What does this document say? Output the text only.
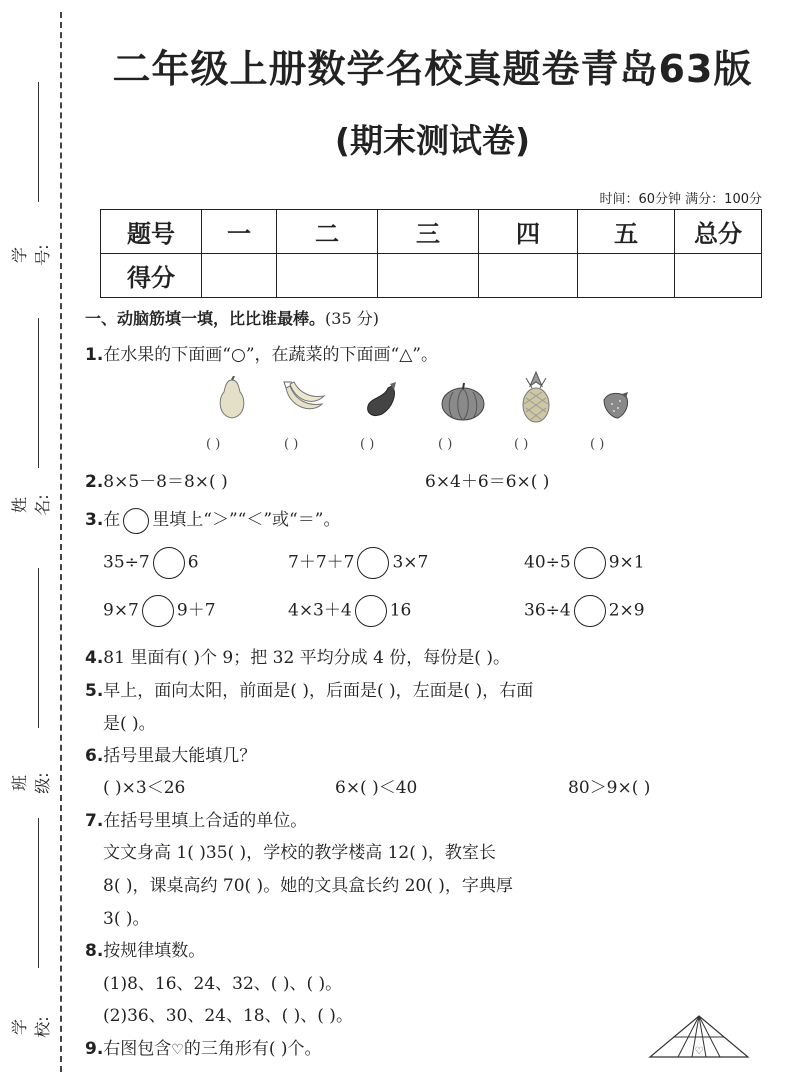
学号:
姓名:
班级:
学校:
二年级上册数学名校真题卷青岛63版
(期末测试卷)
时间：60分钟 满分：100分
题号	一	二	三	四	五	总分
得分						
一、动脑筋填一填，比比谁最棒。(35 分)
1.在水果的下面画“○”，在蔬菜的下面画“△”。
( )	( )	( )	( )	( )	( )
2.8×5－8＝8×( )	6×4＋6＝6×( )
3.在 里填上“＞”“＜”或“＝”。
35÷7 6	7＋7＋7 3×7	40÷5 9×1
9×7 9＋7	4×3＋4 16	36÷4 2×9
4.81 里面有( )个 9；把 32 平均分成 4 份，每份是( )。
5.早上，面向太阳，前面是( )，后面是( )，左面是( )，右面
是( )。
6.括号里最大能填几？
( )×3＜26	6×( )＜40	80＞9×( )
7.在括号里填上合适的单位。
文文身高 1( )35( )，学校的教学楼高 12( )，教室长
8( )，课桌高约 70( )。她的文具盒长约 20( )，字典厚
3( )。
8.按规律填数。
(1)8、16、24、32、( )、( )。
(2)36、30、24、18、( )、( )。
9.右图包含♡的三角形有( )个。	♡
